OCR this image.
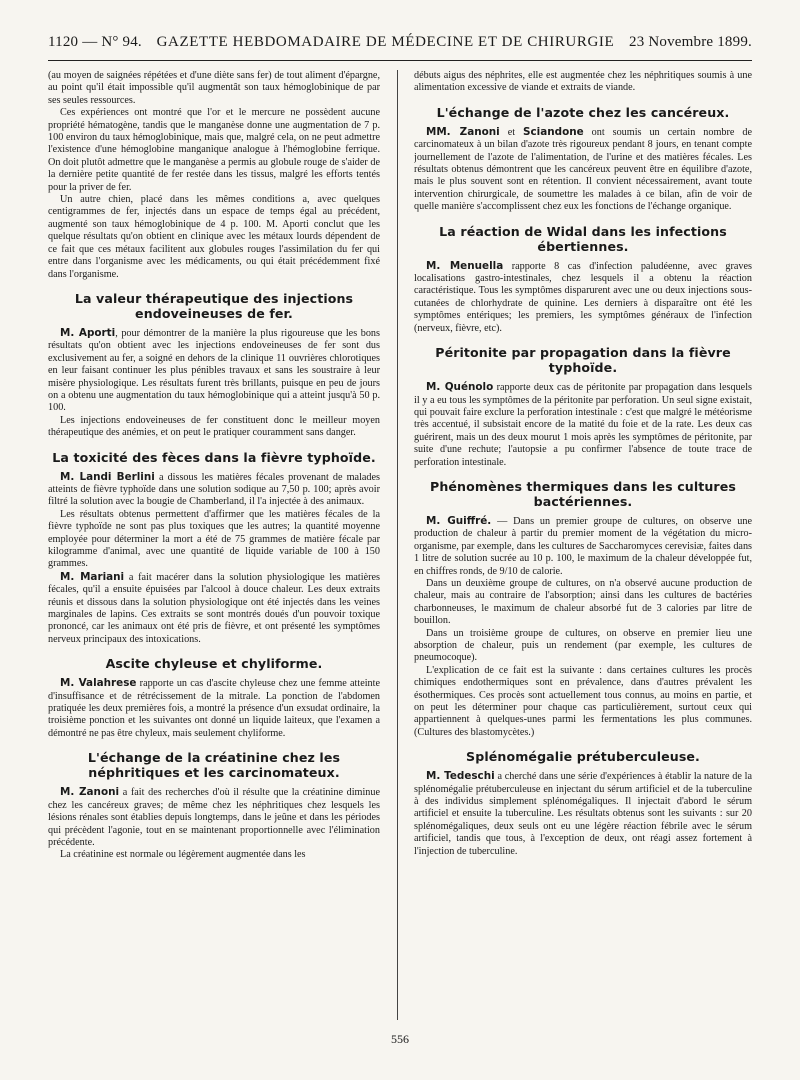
1120 — N° 94. GAZETTE HEBDOMADAIRE DE MÉDECINE ET DE CHIRURGIE 23 Novembre 1899.

(au moyen de saignées répétées et d'une diète sans fer) de tout aliment d'épargne, au point qu'il était impossible qu'il augmentât son taux hémoglobinique de par ses seules ressources.

Ces expériences ont montré que l'or et le mercure ne possèdent aucune propriété hématogène, tandis que le manganèse donne une augmentation de 7 p. 100 environ du taux hémoglobinique, mais que, malgré cela, on ne peut admettre l'existence d'une hémoglobine manganique analogue à l'hémoglobine ferrique. On doit plutôt admettre que le manganèse a permis au globule rouge de s'aider de la dernière petite quantité de fer restée dans les tissus, malgré les efforts tentés pour la priver de fer.

Un autre chien, placé dans les mêmes conditions a, avec quelques centigrammes de fer, injectés dans un espace de temps égal au précédent, augmenté son taux hémoglobinique de 4 p. 100. M. Aporti conclut que les quelque résultats qu'on obtient en clinique avec les métaux lourds dépendent de ce fait que ces métaux facilitent aux globules rouges l'assimilation du fer qui entre dans l'organisme avec les médicaments, ou qui était précédemment fixé dans l'organisme.

La valeur thérapeutique des injections endoveineuses de fer.

M. Aporti, pour démontrer de la manière la plus rigoureuse que les bons résultats qu'on obtient avec les injections endoveineuses de fer sont dus exclusivement au fer, a soigné en dehors de la clinique 11 ouvrières chlorotiques en leur faisant continuer les plus pénibles travaux et sans les soustraire à leur misère physiologique. Les résultats furent très brillants, puisque en peu de jours on a obtenu une augmentation du taux hémoglobinique qui a atteint jusqu'à 50 p. 100.

Les injections endoveineuses de fer constituent donc le meilleur moyen thérapeutique des anémies, et on peut le pratiquer couramment sans danger.

La toxicité des fèces dans la fièvre typhoïde.

M. Landi Berlini a dissous les matières fécales provenant de malades atteints de fièvre typhoïde dans une solution sodique au 7,50 p. 100; après avoir filtré la solution avec la bougie de Chamberland, il l'a injectée à des animaux.

Les résultats obtenus permettent d'affirmer que les matières fécales de la fièvre typhoïde ne sont pas plus toxiques que les autres; la quantité moyenne employée pour déterminer la mort a été de 75 grammes de matière fécale par kilogramme d'animal, avec une quantité de liquide variable de 100 à 150 grammes.

M. Mariani a fait macérer dans la solution physiologique les matières fécales, qu'il a ensuite épuisées par l'alcool à douce chaleur. Les deux extraits réunis et dissous dans la solution physiologique ont été injectés dans les veines marginales de lapins. Ces extraits se sont montrés doués d'un pouvoir toxique prononcé, car les animaux ont été pris de fièvre, et ont présenté les symptômes nerveux principaux des intoxications.

Ascite chyleuse et chyliforme.

M. Valahrese rapporte un cas d'ascite chyleuse chez une femme atteinte d'insuffisance et de rétrécissement de la mitrale. La ponction de l'abdomen pratiquée les deux premières fois, a montré la présence d'un exsudat ordinaire, la troisième ponction et les suivantes ont donné un liquide laiteux, que l'examen a démontré ne pas être chyleux, mais seulement chyliforme.

L'échange de la créatinine chez les néphritiques et les carcinomateux.

M. Zanoni a fait des recherches d'où il résulte que la créatinine diminue chez les cancéreux graves; de même chez les néphritiques chez lesquels les lésions rénales sont établies depuis longtemps, dans le jeûne et dans les périodes qui précèdent l'agonie, tout en se maintenant proportionnelle avec l'élimination précédente.

La créatinine est normale ou légèrement augmentée dans les

débuts aigus des néphrites, elle est augmentée chez les néphritiques soumis à une alimentation excessive de viande et extraits de viande.

L'échange de l'azote chez les cancéreux.

MM. Zanoni et Sciandone ont soumis un certain nombre de carcinomateux à un bilan d'azote très rigoureux pendant 8 jours, en tenant compte journellement de l'azote de l'alimentation, de l'urine et des matières fécales. Les résultats obtenus démontrent que les cancéreux peuvent être en équilibre d'azote, mais le plus souvent sont en rétention. Il convient nécessairement, avant toute intervention chirurgicale, de soumettre les malades à ce bilan, afin de voir de quelle manière s'accomplissent chez eux les fonctions de l'échange organique.

La réaction de Widal dans les infections ébertiennes.

M. Menuella rapporte 8 cas d'infection paludéenne, avec graves localisations gastro-intestinales, chez lesquels il a obtenu la réaction caractéristique. Tous les symptômes disparurent avec une ou deux injections sous-cutanées de chlorhydrate de quinine. Les derniers à disparaître ont été les symptômes entériques; les premiers, les symptômes généraux de l'infection (nerveux, fièvre, etc).

Péritonite par propagation dans la fièvre typhoïde.

M. Quénolo rapporte deux cas de péritonite par propagation dans lesquels il y a eu tous les symptômes de la péritonite par perforation. Un seul signe existait, qui pouvait faire exclure la perforation intestinale : c'est que malgré le météorisme très accentué, il subsistait encore de la matité du foie et de la rate. Les deux cas guérirent, mais un des deux mourut 1 mois après les symptômes de péritonite, par suite d'une rechute; l'autopsie a pu confirmer l'absence de toute trace de perforation intestinale.

Phénomènes thermiques dans les cultures bactériennes.

M. Guiffré. — Dans un premier groupe de cultures, on observe une production de chaleur à partir du premier moment de la végétation du micro-organisme, par exemple, dans les cultures de Saccharomyces cerevisiæ, faites dans 1 litre de solution sucrée au 10 p. 100, le maximum de la chaleur développée fut, en chiffres ronds, de 9/10 de calorie.

Dans un deuxième groupe de cultures, on n'a observé aucune production de chaleur, mais au contraire de l'absorption; ainsi dans les cultures de bactéries charbonneuses, le maximum de chaleur absorbé fut de 3 calories par litre de bouillon.

Dans un troisième groupe de cultures, on observe en premier lieu une absorption de chaleur, puis un rendement (par exemple, les cultures de pneumocoque).

L'explication de ce fait est la suivante : dans certaines cultures les procès chimiques endothermiques sont en prévalence, dans d'autres prévalent les ésothermiques. Ces procès sont actuellement tous connus, au moins en partie, et on peut les déterminer pour chaque cas particulièrement, surtout ceux qui appartiennent à quelques-unes parmi les fermentations les plus communes. (Cultures des blastomycètes.)

Splénomégalie prétuberculeuse.

M. Tedeschi a cherché dans une série d'expériences à établir la nature de la splénomégalie prétuberculeuse en injectant du sérum artificiel et de la tuberculine à des individus simplement splénomégaliques. Il injectait d'abord le sérum artificiel et ensuite la tuberculine. Les résultats obtenus sont les suivants : sur 20 splénomégaliques, deux seuls ont eu une légère réaction fébrile avec le sérum artificiel, tandis que tous, à l'exception de deux, ont réagi assez fortement à l'injection de tuberculine.

556
